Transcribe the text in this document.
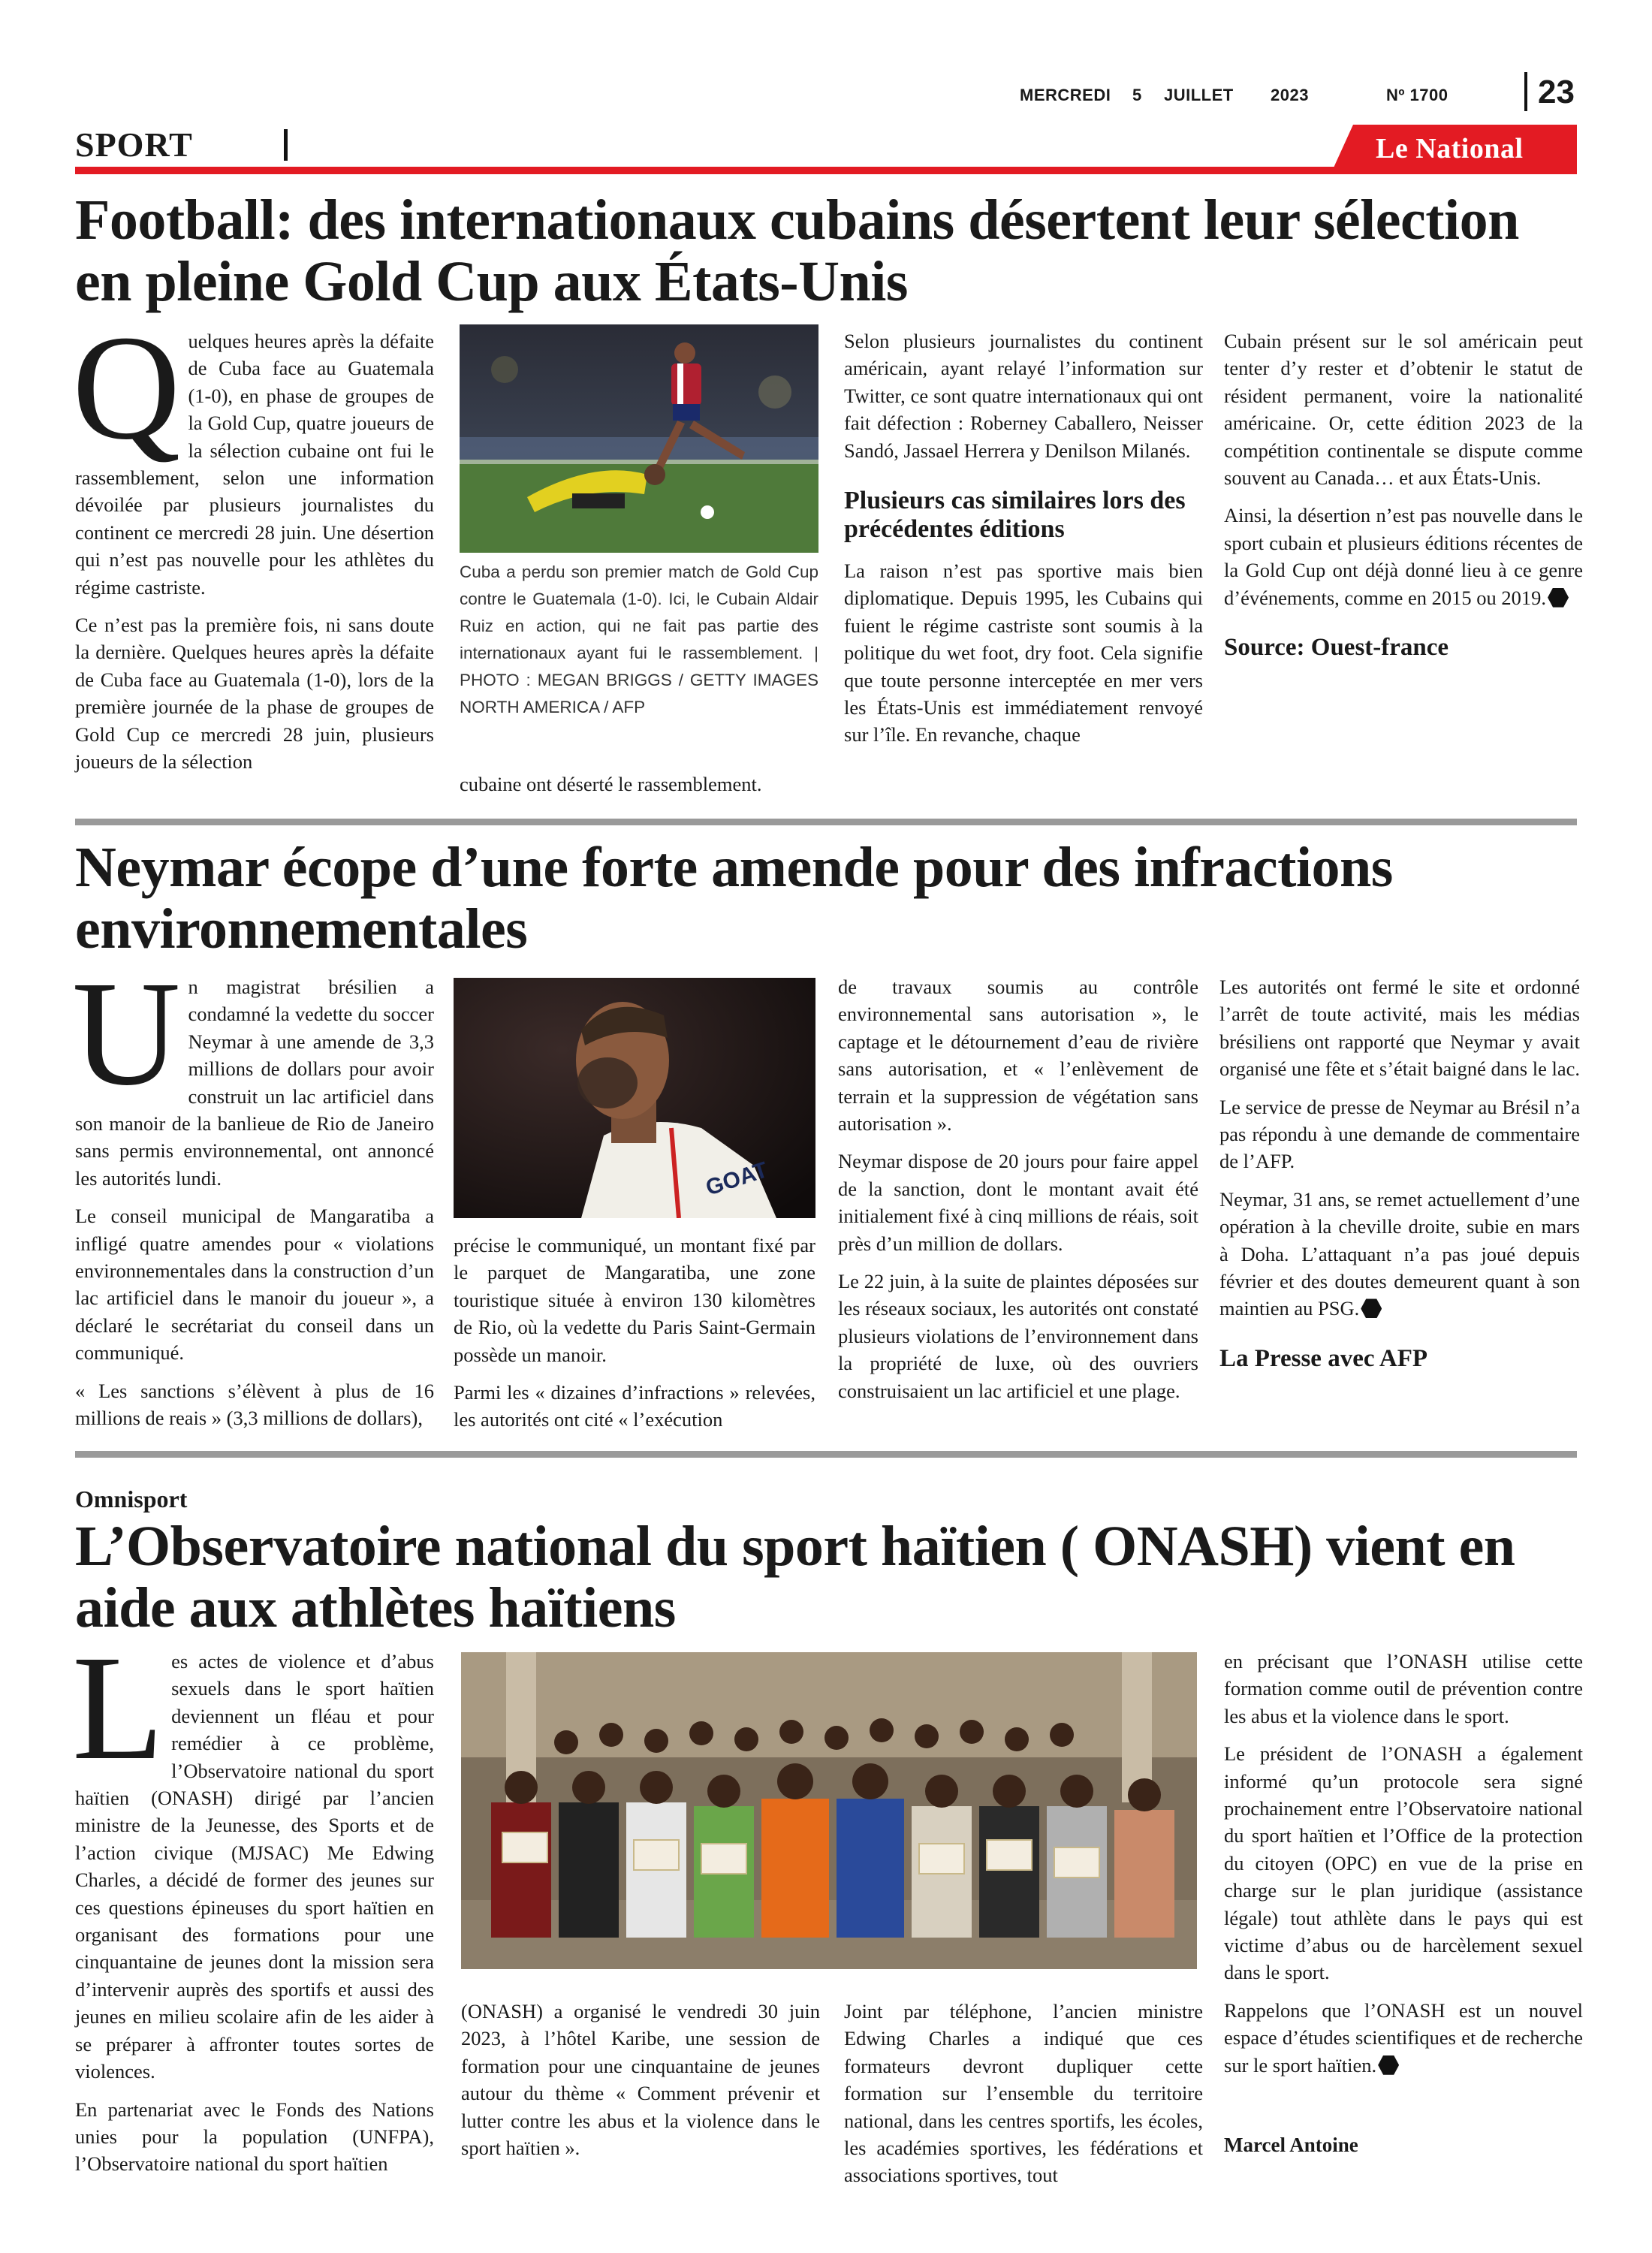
MERCREDI 5 JUILLET 2023	Nº 1700	23
SPORT	Le National
Football: des internationaux cubains désertent leur sélection en pleine Gold Cup aux États-Unis

Quelques heures après la défaite de Cuba face au Guatemala (1-0), en phase de groupes de la Gold Cup, quatre joueurs de la sélection cubaine ont fui le rassemblement, selon une information dévoilée par plusieurs journalistes du continent ce mercredi 28 juin. Une désertion qui n’est pas nouvelle pour les athlètes du régime castriste.

Ce n’est pas la première fois, ni sans doute la dernière. Quelques heures après la défaite de Cuba face au Guatemala (1-0), lors de la première journée de la phase de groupes de Gold Cup ce mercredi 28 juin, plusieurs joueurs de la sélection

Cuba a perdu son premier match de Gold Cup contre le Guatemala (1-0). Ici, le Cubain Aldair Ruiz en action, qui ne fait pas partie des internationaux ayant fui le rassemblement. | PHOTO : MEGAN BRIGGS / GETTY IMAGES NORTH AMERICA / AFP
cubaine ont déserté le rassemblement.

Selon plusieurs journalistes du continent américain, ayant relayé l’information sur Twitter, ce sont quatre internationaux qui ont fait défection : Roberney Caballero, Neisser Sandó, Jassael Herrera y Denilson Milanés.

Plusieurs cas similaires lors des précédentes éditions

La raison n’est pas sportive mais bien diplomatique. Depuis 1995, les Cubains qui fuient le régime castriste sont soumis à la politique du wet foot, dry foot. Cela signifie que toute personne interceptée en mer vers les États-Unis est immédiatement renvoyé sur l’île. En revanche, chaque

Cubain présent sur le sol américain peut tenter d’y rester et d’obtenir le statut de résident permanent, voire la nationalité américaine. Or, cette édition 2023 de la compétition continentale se dispute comme souvent au Canada… et aux États-Unis.

Ainsi, la désertion n’est pas nouvelle dans le sport cubain et plusieurs éditions récentes de la Gold Cup ont déjà donné lieu à ce genre d’événements, comme en 2015 ou 2019.

Source: Ouest-france
Neymar écope d’une forte amende pour des infractions environnementales

Un magistrat brésilien a condamné la vedette du soccer Neymar à une amende de 3,3 millions de dollars pour avoir construit un lac artificiel dans son manoir de la banlieue de Rio de Janeiro sans permis environnemental, ont annoncé les autorités lundi.

Le conseil municipal de Mangaratiba a infligé quatre amendes pour « violations environnementales dans la construction d’un lac artificiel dans le manoir du joueur », a déclaré le secrétariat du conseil dans un communiqué.

« Les sanctions s’élèvent à plus de 16 millions de reais » (3,3 millions de dollars),

GOAT

précise le communiqué, un montant fixé par le parquet de Mangaratiba, une zone touristique située à environ 130 kilomètres de Rio, où la vedette du Paris Saint-Germain possède un manoir.

Parmi les « dizaines d’infractions » relevées, les autorités ont cité « l’exécution

de travaux soumis au contrôle environnemental sans autorisation », le captage et le détournement d’eau de rivière sans autorisation, et « l’enlèvement de terrain et la suppression de végétation sans autorisation ».

Neymar dispose de 20 jours pour faire appel de la sanction, dont le montant avait été initialement fixé à cinq millions de réais, soit près d’un million de dollars.

Le 22 juin, à la suite de plaintes déposées sur les réseaux sociaux, les autorités ont constaté plusieurs violations de l’environnement dans la propriété de luxe, où des ouvriers construisaient un lac artificiel et une plage.

Les autorités ont fermé le site et ordonné l’arrêt de toute activité, mais les médias brésiliens ont rapporté que Neymar y avait organisé une fête et s’était baigné dans le lac.

Le service de presse de Neymar au Brésil n’a pas répondu à une demande de commentaire de l’AFP.

Neymar, 31 ans, se remet actuellement d’une opération à la cheville droite, subie en mars à Doha. L’attaquant n’a pas joué depuis février et des doutes demeurent quant à son maintien au PSG.

La Presse avec AFP
Omnisport
L’Observatoire national du sport haïtien ( ONASH) vient en aide aux athlètes haïtiens

Les actes de violence et d’abus sexuels dans le sport haïtien deviennent un fléau et pour remédier à ce problème, l’Observatoire national du sport haïtien (ONASH) dirigé par l’ancien ministre de la Jeunesse, des Sports et de l’action civique (MJSAC) Me Edwing Charles, a décidé de former des jeunes sur ces questions épineuses du sport haïtien en organisant des formations pour une cinquantaine de jeunes dont la mission sera d’intervenir auprès des sportifs et aussi des jeunes en milieu scolaire afin de les aider à se préparer à affronter toutes sortes de violences.

En partenariat avec le Fonds des Nations unies pour la population (UNFPA), l’Observatoire national du sport haïtien

(ONASH) a organisé le vendredi 30 juin 2023, à l’hôtel Karibe, une session de formation pour une cinquantaine de jeunes autour du thème « Comment prévenir et lutter contre les abus et la violence dans le sport haïtien ».
Joint par téléphone, l’ancien ministre Edwing Charles a indiqué que ces formateurs devront dupliquer cette formation sur l’ensemble du territoire national, dans les centres sportifs, les écoles, les académies sportives, les fédérations et associations sportives, tout

en précisant que l’ONASH utilise cette formation comme outil de prévention contre les abus et la violence dans le sport.

Le président de l’ONASH a également informé qu’un protocole sera signé prochainement entre l’Observatoire national du sport haïtien et l’Office de la protection du citoyen (OPC) en vue de la prise en charge sur le plan juridique (assistance légale) tout athlète dans le pays qui est victime d’abus ou de harcèlement sexuel dans le sport.

Rappelons que l’ONASH est un nouvel espace d’études scientifiques et de recherche sur le sport haïtien.

Marcel Antoine
